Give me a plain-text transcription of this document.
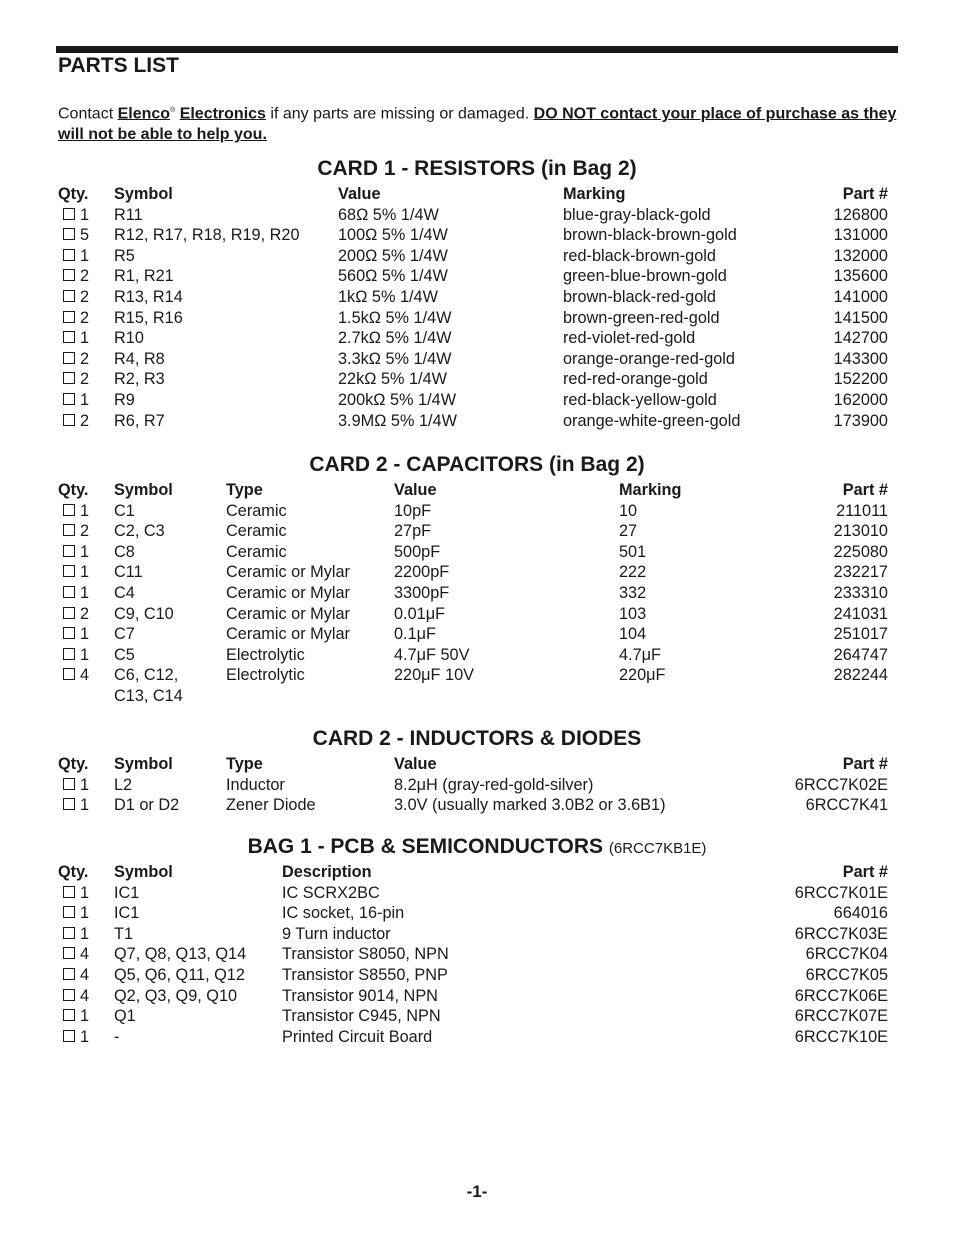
PARTS LIST
Contact Elenco® Electronics if any parts are missing or damaged. DO NOT contact your place of purchase as they will not be able to help you.
CARD 1 - RESISTORS (in Bag 2)
Qty.	Symbol	Value	Marking	Part #
1	R11	68Ω 5% 1/4W	blue-gray-black-gold	126800
5	R12, R17, R18, R19, R20	100Ω 5% 1/4W	brown-black-brown-gold	131000
1	R5	200Ω 5% 1/4W	red-black-brown-gold	132000
2	R1, R21	560Ω 5% 1/4W	green-blue-brown-gold	135600
2	R13, R14	1kΩ 5% 1/4W	brown-black-red-gold	141000
2	R15, R16	1.5kΩ 5% 1/4W	brown-green-red-gold	141500
1	R10	2.7kΩ 5% 1/4W	red-violet-red-gold	142700
2	R4, R8	3.3kΩ 5% 1/4W	orange-orange-red-gold	143300
2	R2, R3	22kΩ 5% 1/4W	red-red-orange-gold	152200
1	R9	200kΩ 5% 1/4W	red-black-yellow-gold	162000
2	R6, R7	3.9MΩ 5% 1/4W	orange-white-green-gold	173900
CARD 2 - CAPACITORS (in Bag 2)
Qty.	Symbol	Type	Value	Marking	Part #
1	C1	Ceramic	10pF	10	211011
2	C2, C3	Ceramic	27pF	27	213010
1	C8	Ceramic	500pF	501	225080
1	C11	Ceramic or Mylar	2200pF	222	232217
1	C4	Ceramic or Mylar	3300pF	332	233310
2	C9, C10	Ceramic or Mylar	0.01μF	103	241031
1	C7	Ceramic or Mylar	0.1μF	104	251017
1	C5	Electrolytic	4.7μF 50V	4.7μF	264747
4	C6, C12,
C13, C14	Electrolytic	220μF 10V	220μF	282244
CARD 2 - INDUCTORS & DIODES
Qty.	Symbol	Type	Value	Part #
1	L2	Inductor	8.2μH (gray-red-gold-silver)	6RCC7K02E
1	D1 or D2	Zener Diode	3.0V (usually marked 3.0B2 or 3.6B1)	6RCC7K41
BAG 1 - PCB & SEMICONDUCTORS (6RCC7KB1E)
Qty.	Symbol	Description	Part #
1	IC1	IC SCRX2BC	6RCC7K01E
1	IC1	IC socket, 16-pin	664016
1	T1	9 Turn inductor	6RCC7K03E
4	Q7, Q8, Q13, Q14	Transistor S8050, NPN	6RCC7K04
4	Q5, Q6, Q11, Q12	Transistor S8550, PNP	6RCC7K05
4	Q2, Q3, Q9, Q10	Transistor 9014, NPN	6RCC7K06E
1	Q1	Transistor C945, NPN	6RCC7K07E
1	-	Printed Circuit Board	6RCC7K10E
-1-
